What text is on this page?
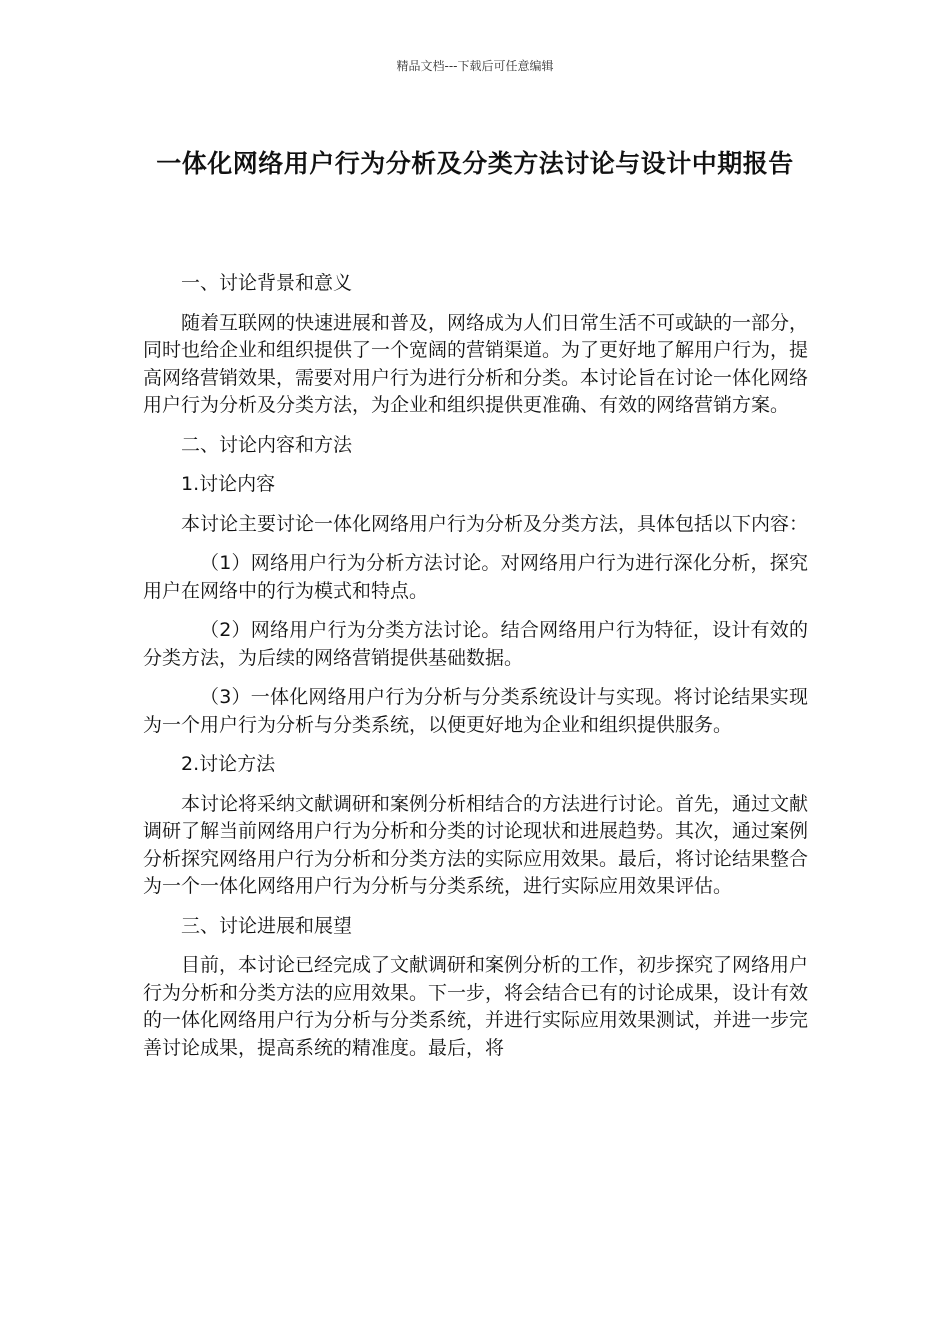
精品文档---下载后可任意编辑
一体化网络用户行为分析及分类方法讨论与设计中期报告

一、讨论背景和意义

随着互联网的快速进展和普及，网络成为人们日常生活不可或缺的一部分，同时也给企业和组织提供了一个宽阔的营销渠道。为了更好地了解用户行为，提高网络营销效果，需要对用户行为进行分析和分类。本讨论旨在讨论一体化网络用户行为分析及分类方法，为企业和组织提供更准确、有效的网络营销方案。

二、讨论内容和方法

1.讨论内容

本讨论主要讨论一体化网络用户行为分析及分类方法，具体包括以下内容：

（1）网络用户行为分析方法讨论。对网络用户行为进行深化分析，探究用户在网络中的行为模式和特点。

（2）网络用户行为分类方法讨论。结合网络用户行为特征，设计有效的分类方法，为后续的网络营销提供基础数据。

（3）一体化网络用户行为分析与分类系统设计与实现。将讨论结果实现为一个用户行为分析与分类系统，以便更好地为企业和组织提供服务。

2.讨论方法

本讨论将采纳文献调研和案例分析相结合的方法进行讨论。首先，通过文献调研了解当前网络用户行为分析和分类的讨论现状和进展趋势。其次，通过案例分析探究网络用户行为分析和分类方法的实际应用效果。最后，将讨论结果整合为一个一体化网络用户行为分析与分类系统，进行实际应用效果评估。

三、讨论进展和展望

目前，本讨论已经完成了文献调研和案例分析的工作，初步探究了网络用户行为分析和分类方法的应用效果。下一步，将会结合已有的讨论成果，设计有效的一体化网络用户行为分析与分类系统，并进行实际应用效果测试，并进一步完善讨论成果，提高系统的精准度。最后，将
